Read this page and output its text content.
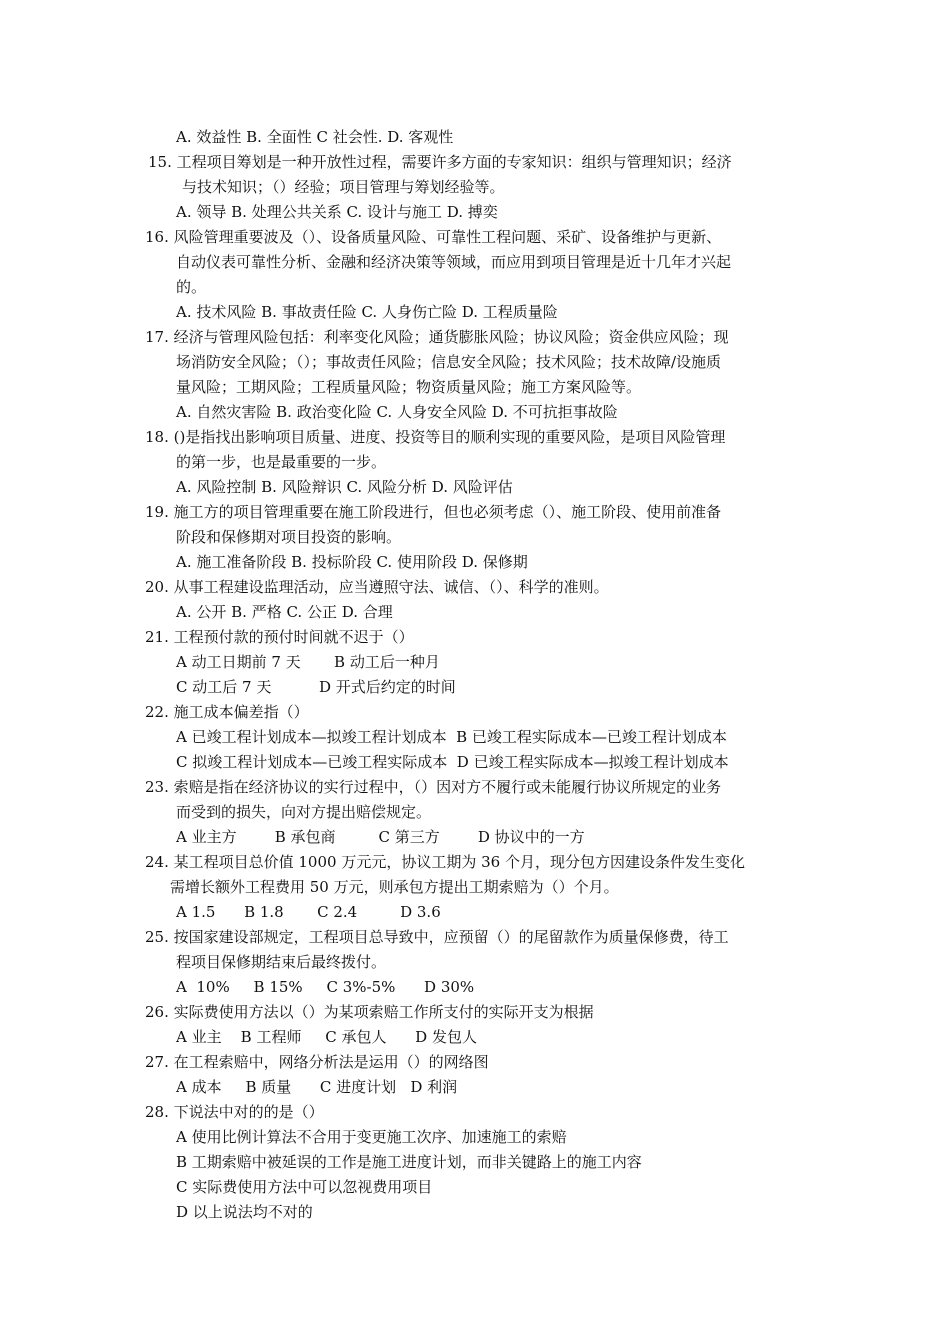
A. 效益性 B. 全面性 C 社会性. D. 客观性

15. 工程项目筹划是一种开放性过程，需要许多方面的专家知识：组织与管理知识；经济

与技术知识；（）经验；项目管理与筹划经验等。

A. 领导 B. 处理公共关系 C. 设计与施工 D. 搏奕

16. 风险管理重要波及（）、设备质量风险、可靠性工程问题、采矿、设备维护与更新、

自动仪表可靠性分析、金融和经济决策等领域，而应用到项目管理是近十几年才兴起

的。

A. 技术风险 B. 事故责任险 C. 人身伤亡险 D. 工程质量险

17. 经济与管理风险包括：利率变化风险；通货膨胀风险；协议风险；资金供应风险；现

场消防安全风险；（）；事故责任风险；信息安全风险；技术风险；技术故障/设施质

量风险；工期风险；工程质量风险；物资质量风险；施工方案风险等。

A. 自然灾害险 B. 政治变化险 C. 人身安全风险 D. 不可抗拒事故险

18. ()是指找出影响项目质量、进度、投资等目的顺利实现的重要风险，是项目风险管理

的第一步，也是最重要的一步。

A. 风险控制 B. 风险辩识 C. 风险分析 D. 风险评估

19. 施工方的项目管理重要在施工阶段进行，但也必须考虑（）、施工阶段、使用前准备

阶段和保修期对项目投资的影响。

A. 施工准备阶段 B. 投标阶段 C. 使用阶段 D. 保修期

20. 从事工程建设监理活动，应当遵照守法、诚信、（）、科学的准则。

A. 公开 B. 严格 C. 公正 D. 合理

21. 工程预付款的预付时间就不迟于（）

A 动工日期前 7 天       B 动工后一种月

C 动工后 7 天          D 开式后约定的时间

22. 施工成本偏差指（）

A 已竣工程计划成本—拟竣工程计划成本  B 已竣工程实际成本—已竣工程计划成本

C 拟竣工程计划成本—已竣工程实际成本  D 已竣工程实际成本—拟竣工程计划成本

23. 索赔是指在经济协议的实行过程中，（）因对方不履行或未能履行协议所规定的业务

而受到的损失，向对方提出赔偿规定。

A 业主方        B 承包商         C 第三方        D 协议中的一方

24. 某工程项目总价值 1000 万元元，协议工期为 36 个月，现分包方因建设条件发生变化

需增长额外工程费用 50 万元，则承包方提出工期索赔为（）个月。

A 1.5      B 1.8       C 2.4         D 3.6

25. 按国家建设部规定，工程项目总导致中，应预留（）的尾留款作为质量保修费，待工

程项目保修期结束后最终拨付。

A  10%     B 15%     C 3%-5%      D 30%

26. 实际费使用方法以（）为某项索赔工作所支付的实际开支为根据

A 业主    B 工程师     C 承包人      D 发包人

27. 在工程索赔中，网络分析法是运用（）的网络图

A 成本     B 质量      C 进度计划   D 利润

28. 下说法中对的的是（）

A 使用比例计算法不合用于变更施工次序、加速施工的索赔

B 工期索赔中被延误的工作是施工进度计划，而非关键路上的施工内容

C 实际费使用方法中可以忽视费用项目

D 以上说法均不对的
